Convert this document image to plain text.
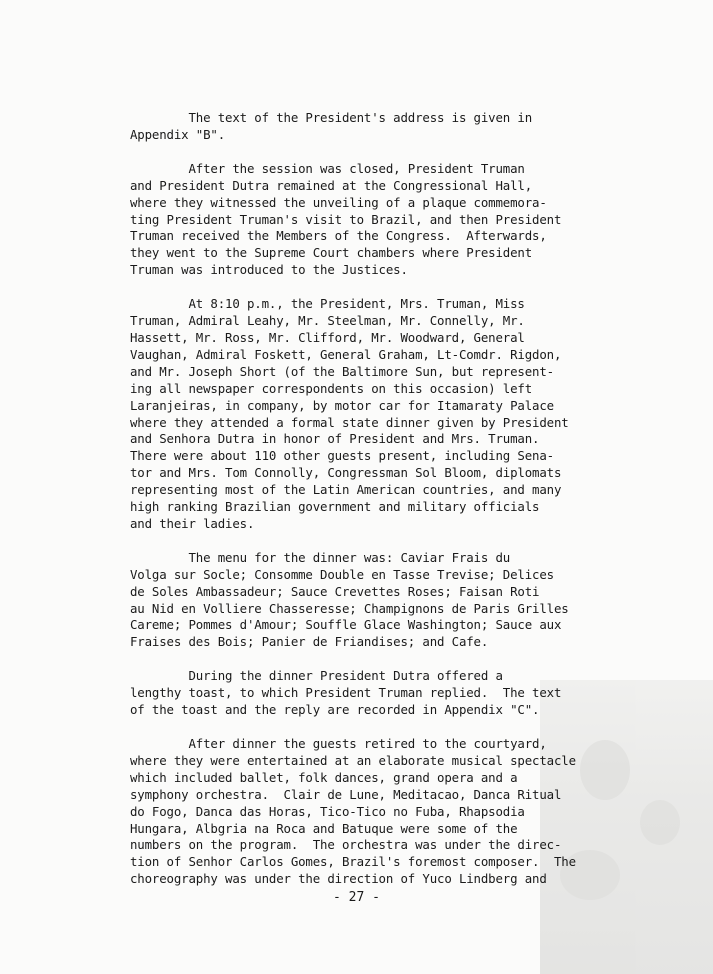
The text of the President's address is given in
Appendix "B".
After the session was closed, President Truman
and President Dutra remained at the Congressional Hall,
where they witnessed the unveiling of a plaque commemora-
ting President Truman's visit to Brazil, and then President
Truman received the Members of the Congress.  Afterwards,
they went to the Supreme Court chambers where President
Truman was introduced to the Justices.
At 8:10 p.m., the President, Mrs. Truman, Miss
Truman, Admiral Leahy, Mr. Steelman, Mr. Connelly, Mr.
Hassett, Mr. Ross, Mr. Clifford, Mr. Woodward, General
Vaughan, Admiral Foskett, General Graham, Lt-Comdr. Rigdon,
and Mr. Joseph Short (of the Baltimore Sun, but represent-
ing all newspaper correspondents on this occasion) left
Laranjeiras, in company, by motor car for Itamaraty Palace
where they attended a formal state dinner given by President
and Senhora Dutra in honor of President and Mrs. Truman.
There were about 110 other guests present, including Sena-
tor and Mrs. Tom Connolly, Congressman Sol Bloom, diplomats
representing most of the Latin American countries, and many
high ranking Brazilian government and military officials
and their ladies.
The menu for the dinner was: Caviar Frais du
Volga sur Socle; Consomme Double en Tasse Trevise; Delices
de Soles Ambassadeur; Sauce Crevettes Roses; Faisan Roti
au Nid en Volliere Chasseresse; Champignons de Paris Grilles
Careme; Pommes d'Amour; Souffle Glace Washington; Sauce aux
Fraises des Bois; Panier de Friandises; and Cafe.
During the dinner President Dutra offered a
lengthy toast, to which President Truman replied.  The text
of the toast and the reply are recorded in Appendix "C".
After dinner the guests retired to the courtyard,
where they were entertained at an elaborate musical spectacle
which included ballet, folk dances, grand opera and a
symphony orchestra.  Clair de Lune, Meditacao, Danca Ritual
do Fogo, Danca das Horas, Tico-Tico no Fuba, Rhapsodia
Hungara, Albgria na Roca and Batuque were some of the
numbers on the program.  The orchestra was under the direc-
tion of Senhor Carlos Gomes, Brazil's foremost composer.  The
choreography was under the direction of Yuco Lindberg and
- 27 -
